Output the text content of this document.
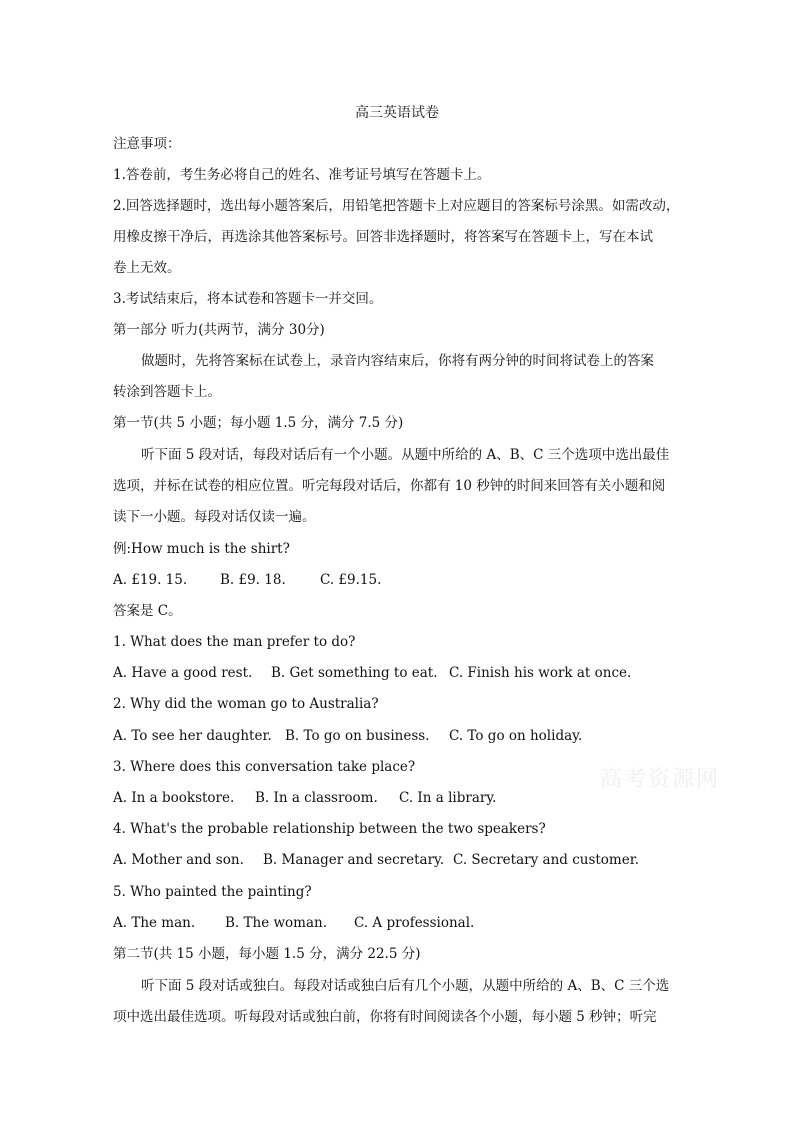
高三英语试卷
注意事项：
1.答卷前，考生务必将自己的姓名、准考证号填写在答题卡上。
2.回答选择题时，选出每小题答案后，用铅笔把答题卡上对应题目的答案标号涂黑。如需改动，
用橡皮擦干净后，再选涂其他答案标号。回答非选择题时，将答案写在答题卡上，写在本试
卷上无效。
3.考试结束后，将本试卷和答题卡一并交回。
第一部分 听力(共两节，满分 30分)
做题时，先将答案标在试卷上，录音内容结束后，你将有两分钟的时间将试卷上的答案
转涂到答题卡上。
第一节(共 5 小题；每小题 1.5 分，满分 7.5 分)
听下面 5 段对话，每段对话后有一个小题。从题中所给的 A、B、C 三个选项中选出最佳
选项，并标在试卷的相应位置。听完每段对话后，你都有 10 秒钟的时间来回答有关小题和阅
读下一小题。每段对话仅读一遍。
例:How much is the shirt?
A. £19. 15. B. £9. 18.	C. £9.15.
答案是 C。
1. What does the man prefer to do?
A. Have a good rest. B. Get something to eat. C. Finish his work at once.
2. Why did the woman go to Australia?
A. To see her daughter. B. To go on business. C. To go on holiday.
3. Where does this conversation take place?
A. In a bookstore. B. In a classroom. C. In a library.
4. What's the probable relationship between the two speakers?
A. Mother and son. B. Manager and secretary. C. Secretary and customer.
5. Who painted the painting?
A. The man. B. The woman. C. A professional.
第二节(共 15 小题，每小题 1.5 分，满分 22.5 分)
听下面 5 段对话或独白。每段对话或独白后有几个小题，从题中所给的 A、B、C 三个选
项中选出最佳选项。听每段对话或独白前，你将有时间阅读各个小题，每小题 5 秒钟；听完
高考资源网
